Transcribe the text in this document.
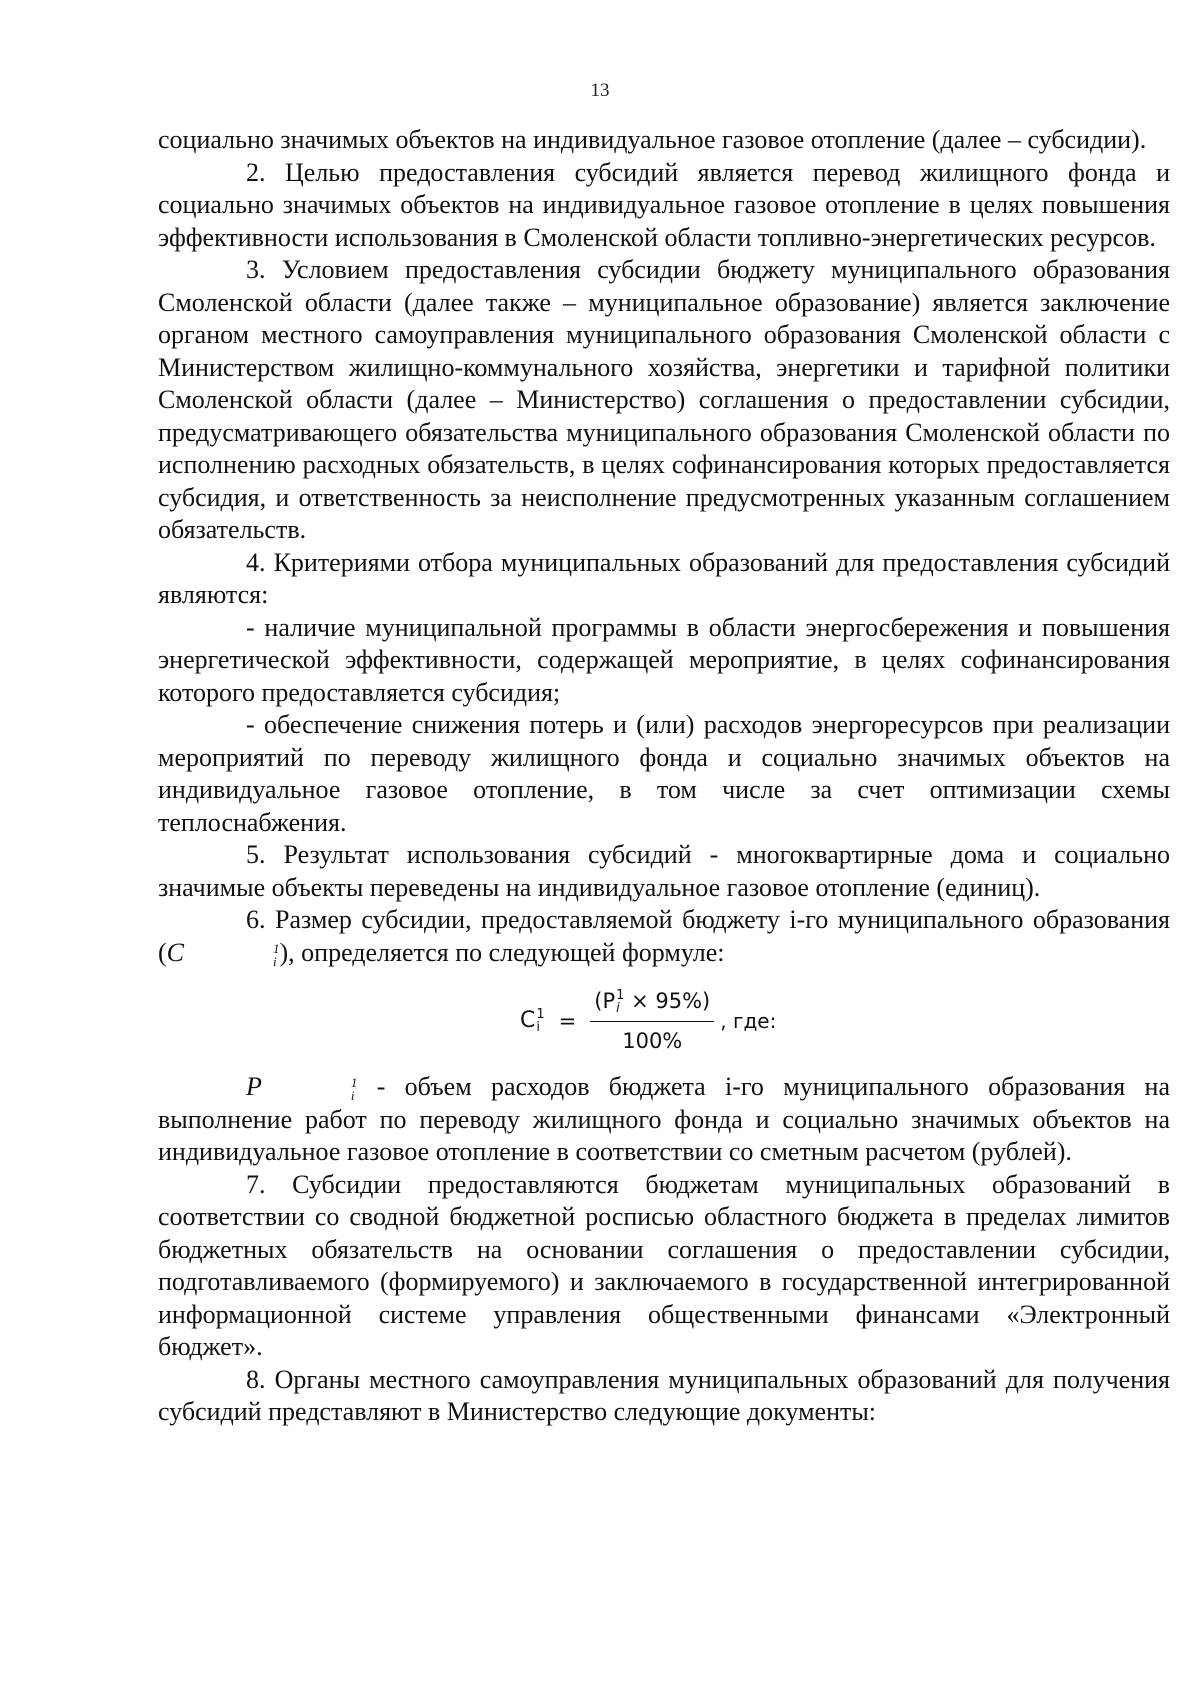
13

социально значимых объектов на индивидуальное газовое отопление (далее – субсидии).

2. Целью предоставления субсидий является перевод жилищного фонда и социально значимых объектов на индивидуальное газовое отопление в целях повышения эффективности использования в Смоленской области топливно-энергетических ресурсов.

3. Условием предоставления субсидии бюджету муниципального образования Смоленской области (далее также – муниципальное образование) является заключение органом местного самоуправления муниципального образования Смоленской области с Министерством жилищно-коммунального хозяйства, энергетики и тарифной политики Смоленской области (далее – Министерство) соглашения о предоставлении субсидии, предусматривающего обязательства муниципального образования Смоленской области по исполнению расходных обязательств, в целях софинансирования которых предоставляется субсидия, и ответственность за неисполнение предусмотренных указанным соглашением обязательств.

4. Критериями отбора муниципальных образований для предоставления субсидий являются:

- наличие муниципальной программы в области энергосбережения и повышения энергетической эффективности, содержащей мероприятие, в целях софинансирования которого предоставляется субсидия;

- обеспечение снижения потерь и (или) расходов энергоресурсов при реализации мероприятий по переводу жилищного фонда и социально значимых объектов на индивидуальное газовое отопление, в том числе за счет оптимизации схемы теплоснабжения.

5. Результат использования субсидий - многоквартирные дома и социально значимые объекты переведены на индивидуальное газовое отопление (единиц).

6. Размер субсидии, предоставляемой бюджету i-го муниципального образования (C	1
i ), определяется по следующей формуле:

C 1
i = (P 1
i × 95%)
100% , где:

P	1
i - объем расходов бюджета i-го муниципального образования на выполнение работ по переводу жилищного фонда и социально значимых объектов на индивидуальное газовое отопление в соответствии со сметным расчетом (рублей).

7. Субсидии предоставляются бюджетам муниципальных образований в соответствии со сводной бюджетной росписью областного бюджета в пределах лимитов бюджетных обязательств на основании соглашения о предоставлении субсидии, подготавливаемого (формируемого) и заключаемого в государственной интегрированной информационной системе управления общественными финансами «Электронный бюджет».

8. Органы местного самоуправления муниципальных образований для получения субсидий представляют в Министерство следующие документы:
